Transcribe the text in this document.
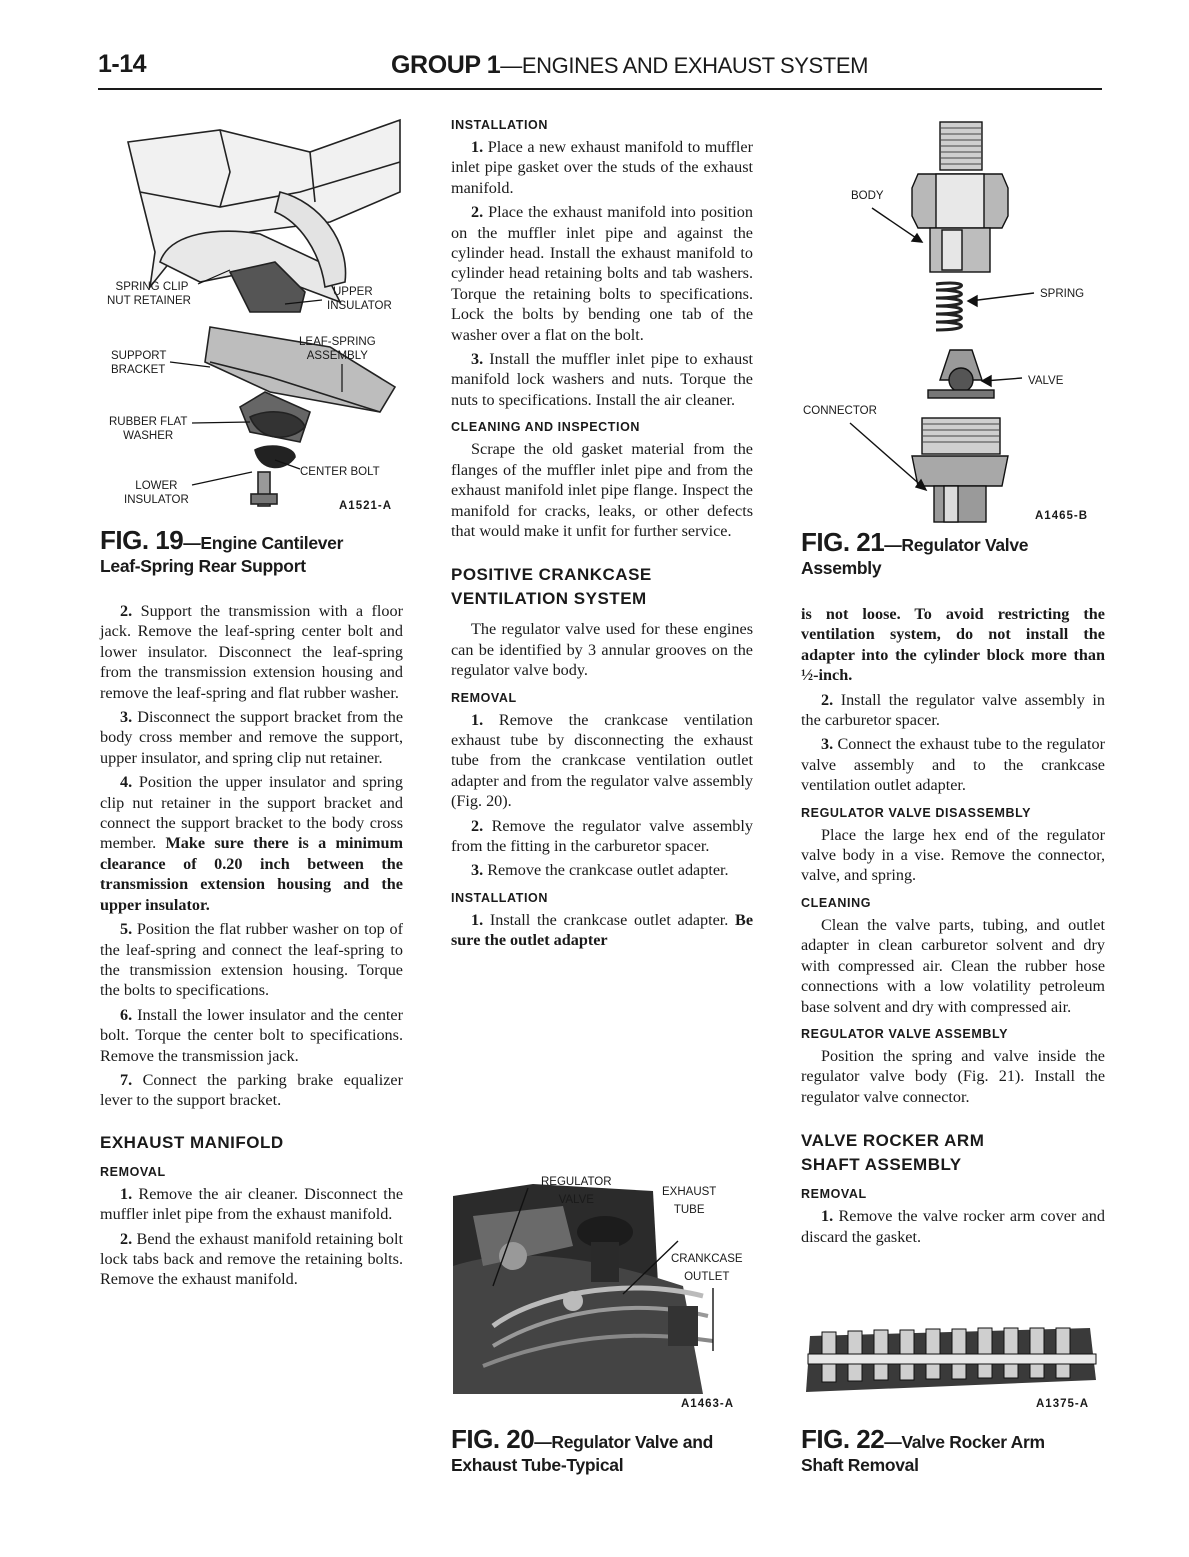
1-14	GROUP 1—ENGINES AND EXHAUST SYSTEM
SPRING CLIP
NUT RETAINER
UPPER
INSULATOR
LEAF-SPRING
ASSEMBLY
SUPPORT
BRACKET
RUBBER FLAT
WASHER
CENTER BOLT
LOWER
INSULATOR	A1521-A
FIG. 19—Engine Cantilever
Leaf-Spring Rear Support

2. Support the transmission with a floor jack. Remove the leaf-spring center bolt and lower insulator. Disconnect the leaf-spring from the transmission extension housing and remove the leaf-spring and flat rubber washer.

3. Disconnect the support bracket from the body cross member and remove the support, upper insulator, and spring clip nut retainer.

4. Position the upper insulator and spring clip nut retainer in the support bracket and connect the support bracket to the body cross member. Make sure there is a minimum clearance of 0.20 inch between the transmission extension housing and the upper insulator.

5. Position the flat rubber washer on top of the leaf-spring and connect the leaf-spring to the transmission extension housing. Torque the bolts to specifications.

6. Install the lower insulator and the center bolt. Torque the center bolt to specifications. Remove the transmission jack.

7. Connect the parking brake equalizer lever to the support bracket.

EXHAUST MANIFOLD
REMOVAL

1. Remove the air cleaner. Disconnect the muffler inlet pipe from the exhaust manifold.

2. Bend the exhaust manifold retaining bolt lock tabs back and remove the retaining bolts. Remove the exhaust manifold.

INSTALLATION

1. Place a new exhaust manifold to muffler inlet pipe gasket over the studs of the exhaust manifold.

2. Place the exhaust manifold into position on the muffler inlet pipe and against the cylinder head. Install the exhaust manifold to cylinder head retaining bolts and tab washers. Torque the retaining bolts to specifications. Lock the bolts by bending one tab of the washer over a flat on the bolt.

3. Install the muffler inlet pipe to exhaust manifold lock washers and nuts. Torque the nuts to specifications. Install the air cleaner.

CLEANING AND INSPECTION

Scrape the old gasket material from the flanges of the muffler inlet pipe and from the exhaust manifold inlet pipe flange. Inspect the manifold for cracks, leaks, or other defects that would make it unfit for further service.

POSITIVE CRANKCASE
VENTILATION SYSTEM

The regulator valve used for these engines can be identified by 3 annular grooves on the regulator valve body.

REMOVAL

1. Remove the crankcase ventilation exhaust tube by disconnecting the exhaust tube from the crankcase ventilation outlet adapter and from the regulator valve assembly (Fig. 20).

2. Remove the regulator valve assembly from the fitting in the carburetor spacer.

3. Remove the crankcase outlet adapter.

INSTALLATION

1. Install the crankcase outlet adapter. Be sure the outlet adapter

REGULATOR
VALVE
EXHAUST
TUBE
CRANKCASE
OUTLET
A1463-A
FIG. 20—Regulator Valve and
Exhaust Tube-Typical
BODY
SPRING
VALVE
CONNECTOR
A1465-B
FIG. 21—Regulator Valve
Assembly

is not loose. To avoid restricting the ventilation system, do not install the adapter into the cylinder block more than ½-inch.

2. Install the regulator valve assembly in the carburetor spacer.

3. Connect the exhaust tube to the regulator valve assembly and to the crankcase ventilation outlet adapter.

REGULATOR VALVE DISASSEMBLY

Place the large hex end of the regulator valve body in a vise. Remove the connector, valve, and spring.

CLEANING

Clean the valve parts, tubing, and outlet adapter in clean carburetor solvent and dry with compressed air. Clean the rubber hose connections with a low volatility petroleum base solvent and dry with compressed air.

REGULATOR VALVE ASSEMBLY

Position the spring and valve inside the regulator valve body (Fig. 21). Install the regulator valve connector.

VALVE ROCKER ARM
SHAFT ASSEMBLY
REMOVAL

1. Remove the valve rocker arm cover and discard the gasket.

A1375-A
FIG. 22—Valve Rocker Arm
Shaft Removal
